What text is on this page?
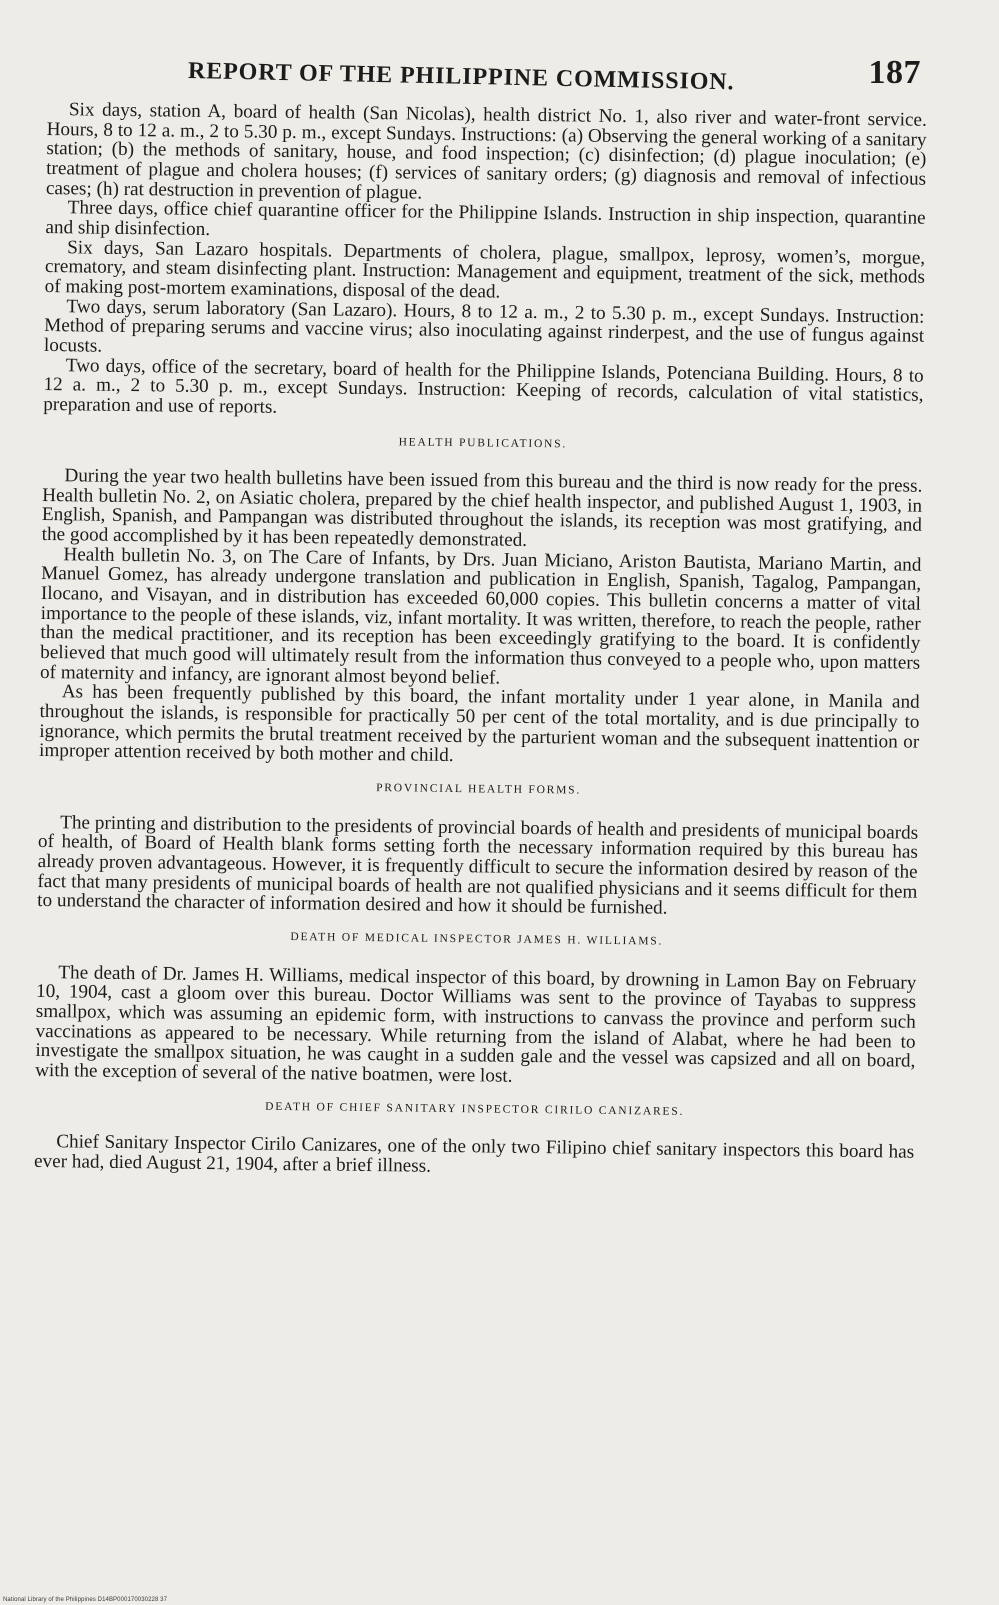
REPORT OF THE PHILIPPINE COMMISSION.	187

Six days, station A, board of health (San Nicolas), health district No. 1, also river and water-front service. Hours, 8 to 12 a. m., 2 to 5.30 p. m., except Sundays. Instructions: (a) Observing the general working of a sanitary station; (b) the methods of sanitary, house, and food inspection; (c) disinfection; (d) plague inoculation; (e) treatment of plague and cholera houses; (f) services of sanitary orders; (g) diagnosis and removal of infectious cases; (h) rat destruction in prevention of plague.

Three days, office chief quarantine officer for the Philippine Islands. Instruction in ship inspection, quarantine and ship disinfection.

Six days, San Lazaro hospitals. Departments of cholera, plague, smallpox, leprosy, women’s, morgue, crematory, and steam disinfecting plant. Instruction: Management and equipment, treatment of the sick, methods of making post-mortem examinations, disposal of the dead.

Two days, serum laboratory (San Lazaro). Hours, 8 to 12 a. m., 2 to 5.30 p. m., except Sundays. Instruction: Method of preparing serums and vaccine virus; also inoculating against rinderpest, and the use of fungus against locusts.

Two days, office of the secretary, board of health for the Philippine Islands, Potenciana Building. Hours, 8 to 12 a. m., 2 to 5.30 p. m., except Sundays. Instruction: Keeping of records, calculation of vital statistics, preparation and use of reports.

HEALTH PUBLICATIONS.

During the year two health bulletins have been issued from this bureau and the third is now ready for the press. Health bulletin No. 2, on Asiatic cholera, prepared by the chief health inspector, and published August 1, 1903, in English, Spanish, and Pampangan was distributed throughout the islands, its reception was most gratifying, and the good accomplished by it has been repeatedly demonstrated.

Health bulletin No. 3, on The Care of Infants, by Drs. Juan Miciano, Ariston Bautista, Mariano Martin, and Manuel Gomez, has already undergone translation and publication in English, Spanish, Tagalog, Pampangan, Ilocano, and Visayan, and in distribution has exceeded 60,000 copies. This bulletin concerns a matter of vital importance to the people of these islands, viz, infant mortality. It was written, therefore, to reach the people, rather than the medical practitioner, and its reception has been exceedingly gratifying to the board. It is confidently believed that much good will ultimately result from the information thus conveyed to a people who, upon matters of maternity and infancy, are ignorant almost beyond belief.

As has been frequently published by this board, the infant mortality under 1 year alone, in Manila and throughout the islands, is responsible for practically 50 per cent of the total mortality, and is due principally to ignorance, which permits the brutal treatment received by the parturient woman and the subsequent inattention or improper attention received by both mother and child.

PROVINCIAL HEALTH FORMS.

The printing and distribution to the presidents of provincial boards of health and presidents of municipal boards of health, of Board of Health blank forms setting forth the necessary information required by this bureau has already proven advantageous. However, it is frequently difficult to secure the information desired by reason of the fact that many presidents of municipal boards of health are not qualified physicians and it seems difficult for them to understand the character of information desired and how it should be furnished.

DEATH OF MEDICAL INSPECTOR JAMES H. WILLIAMS.

The death of Dr. James H. Williams, medical inspector of this board, by drowning in Lamon Bay on February 10, 1904, cast a gloom over this bureau. Doctor Williams was sent to the province of Tayabas to suppress smallpox, which was assuming an epidemic form, with instructions to canvass the province and perform such vaccinations as appeared to be necessary. While returning from the island of Alabat, where he had been to investigate the smallpox situation, he was caught in a sudden gale and the vessel was capsized and all on board, with the exception of several of the native boatmen, were lost.

DEATH OF CHIEF SANITARY INSPECTOR CIRILO CANIZARES.

Chief Sanitary Inspector Cirilo Canizares, one of the only two Filipino chief sanitary inspectors this board has ever had, died August 21, 1904, after a brief illness.

National Library of the Philippines D14BP000170030228 37
